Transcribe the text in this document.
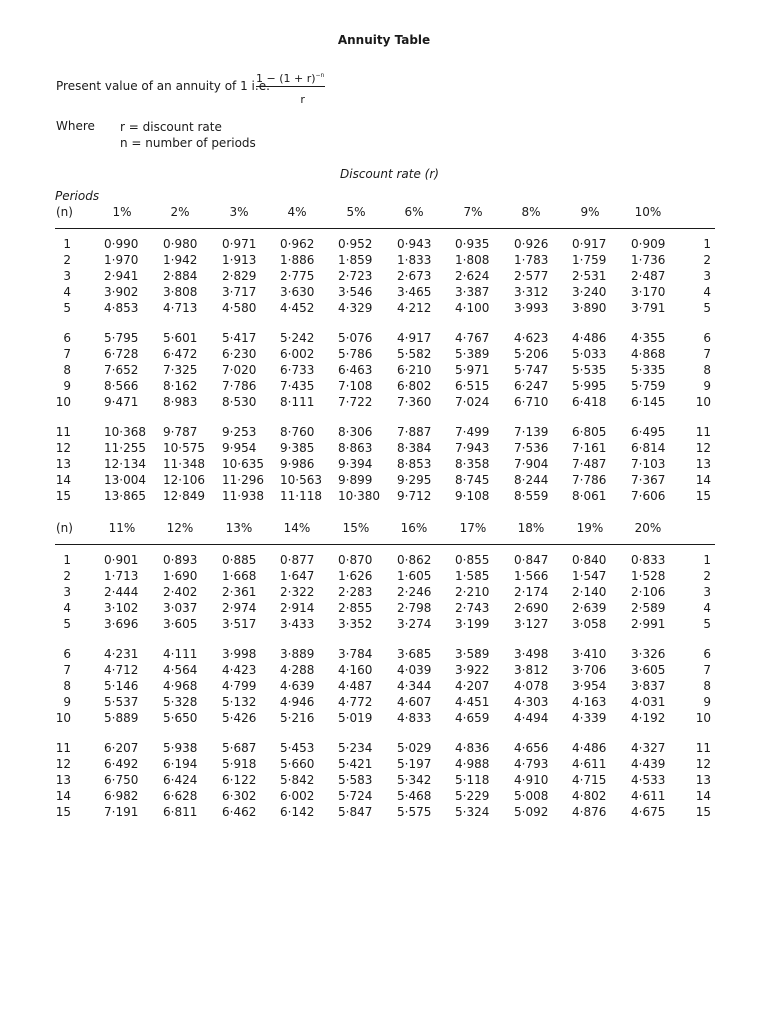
Annuity Table
Present value of an annuity of 1 i.e.
$\frac{1 - (1 + r)^{-n}}{r}$
Where r = discount rate
n = number of periods
Discount rate (r)
Periods
(n)	1%	2%	3%	4%	5%	6%	7%	8%	9%	10%
1	0·990 0·980 0·971 0·962 0·952 0·943 0·935 0·926 0·917 0·909	1
2	1·970 1·942 1·913 1·886 1·859 1·833 1·808 1·783 1·759 1·736	2
3	2·941 2·884 2·829 2·775 2·723 2·673 2·624 2·577 2·531 2·487	3
4	3·902 3·808 3·717 3·630 3·546 3·465 3·387 3·312 3·240 3·170	4
5	4·853 4·713 4·580 4·452 4·329 4·212 4·100 3·993 3·890 3·791	5
6	5·795 5·601 5·417 5·242 5·076 4·917 4·767 4·623 4·486 4·355	6
7	6·728 6·472 6·230 6·002 5·786 5·582 5·389 5·206 5·033 4·868	7
8	7·652 7·325 7·020 6·733 6·463 6·210 5·971 5·747 5·535 5·335	8
9	8·566 8·162 7·786 7·435 7·108 6·802 6·515 6·247 5·995 5·759	9
10	9·471 8·983 8·530 8·111 7·722 7·360 7·024 6·710 6·418 6·145	10
11	10·368 9·787 9·253 8·760 8·306 7·887 7·499 7·139 6·805 6·495	11
12	11·255 10·575 9·954 9·385 8·863 8·384 7·943 7·536 7·161 6·814	12
13	12·134 11·348 10·635 9·986 9·394 8·853 8·358 7·904 7·487 7·103	13
14	13·004 12·106 11·296 10·563 9·899 9·295 8·745 8·244 7·786 7·367	14
15	13·865 12·849 11·938 11·118 10·380 9·712 9·108 8·559 8·061 7·606	15
(n)	11%	12%	13%	14%	15%	16%	17%	18%	19%	20%
1	0·901 0·893 0·885 0·877 0·870 0·862 0·855 0·847 0·840 0·833	1
2	1·713 1·690 1·668 1·647 1·626 1·605 1·585 1·566 1·547 1·528	2
3	2·444 2·402 2·361 2·322 2·283 2·246 2·210 2·174 2·140 2·106	3
4	3·102 3·037 2·974 2·914 2·855 2·798 2·743 2·690 2·639 2·589	4
5	3·696 3·605 3·517 3·433 3·352 3·274 3·199 3·127 3·058 2·991	5
6	4·231 4·111 3·998 3·889 3·784 3·685 3·589 3·498 3·410 3·326	6
7	4·712 4·564 4·423 4·288 4·160 4·039 3·922 3·812 3·706 3·605	7
8	5·146 4·968 4·799 4·639 4·487 4·344 4·207 4·078 3·954 3·837	8
9	5·537 5·328 5·132 4·946 4·772 4·607 4·451 4·303 4·163 4·031	9
10	5·889 5·650 5·426 5·216 5·019 4·833 4·659 4·494 4·339 4·192	10
11	6·207 5·938 5·687 5·453 5·234 5·029 4·836 4·656 4·486 4·327	11
12	6·492 6·194 5·918 5·660 5·421 5·197 4·988 4·793 4·611 4·439	12
13	6·750 6·424 6·122 5·842 5·583 5·342 5·118 4·910 4·715 4·533	13
14	6·982 6·628 6·302 6·002 5·724 5·468 5·229 5·008 4·802 4·611	14
15	7·191 6·811 6·462 6·142 5·847 5·575 5·324 5·092 4·876 4·675	15
